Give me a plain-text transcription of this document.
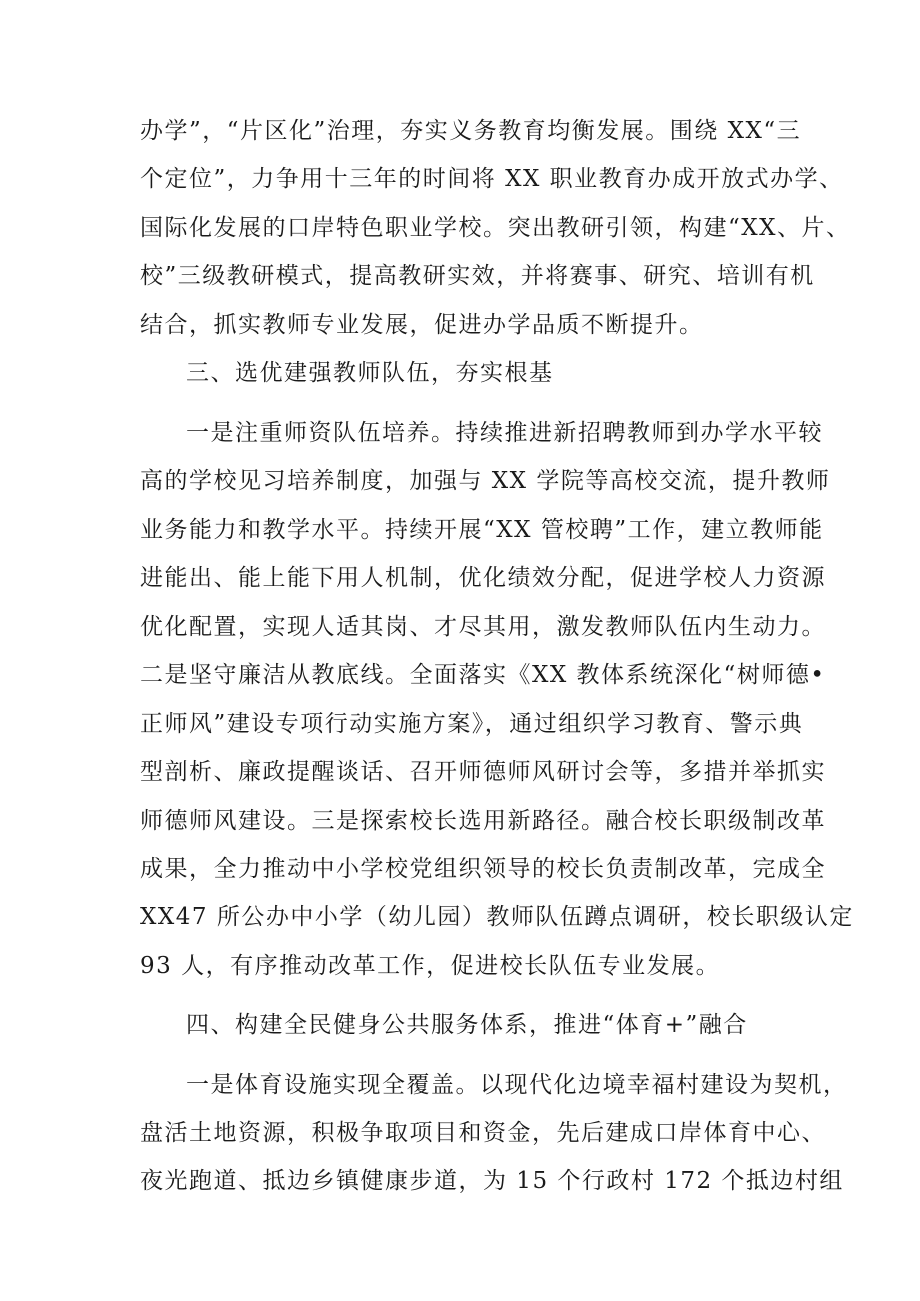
办学”，“片区化”治理，夯实义务教育均衡发展。围绕 XX“三
个定位”，力争用十三年的时间将 XX 职业教育办成开放式办学、
国际化发展的口岸特色职业学校。突出教研引领，构建“XX、片、
校”三级教研模式，提高教研实效，并将赛事、研究、培训有机
结合，抓实教师专业发展，促进办学品质不断提升。
三、选优建强教师队伍，夯实根基
一是注重师资队伍培养。持续推进新招聘教师到办学水平较
高的学校见习培养制度，加强与 XX 学院等高校交流，提升教师
业务能力和教学水平。持续开展“XX 管校聘”工作，建立教师能
进能出、能上能下用人机制，优化绩效分配，促进学校人力资源
优化配置，实现人适其岗、才尽其用，激发教师队伍内生动力。
二是坚守廉洁从教底线。全面落实《XX 教体系统深化“树师德•
正师风”建设专项行动实施方案》，通过组织学习教育、警示典
型剖析、廉政提醒谈话、召开师德师风研讨会等，多措并举抓实
师德师风建设。三是探索校长选用新路径。融合校长职级制改革
成果，全力推动中小学校党组织领导的校长负责制改革，完成全
XX47 所公办中小学（幼儿园）教师队伍蹲点调研，校长职级认定
93 人，有序推动改革工作，促进校长队伍专业发展。
四、构建全民健身公共服务体系，推进“体育+”融合
一是体育设施实现全覆盖。以现代化边境幸福村建设为契机，
盘活土地资源，积极争取项目和资金，先后建成口岸体育中心、
夜光跑道、抵边乡镇健康步道，为 15 个行政村 172 个抵边村组
